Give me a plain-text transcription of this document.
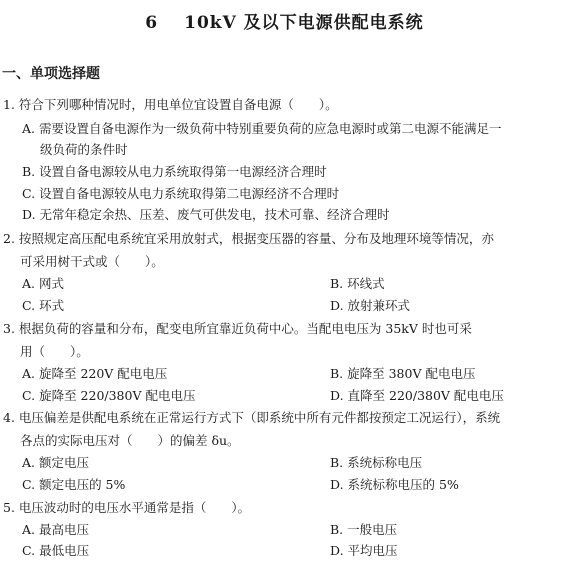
6 10kV 及以下电源供配电系统
一、单项选择题
1. 符合下列哪种情况时，用电单位宜设置自备电源（　　）。
A. 需要设置自备电源作为一级负荷中特别重要负荷的应急电源时或第二电源不能满足一
级负荷的条件时
B. 设置自备电源较从电力系统取得第一电源经济合理时
C. 设置自备电源较从电力系统取得第二电源经济不合理时
D. 无常年稳定余热、压差、废气可供发电，技术可靠、经济合理时
2. 按照规定高压配电系统宜采用放射式，根据变压器的容量、分布及地理环境等情况，亦
可采用树干式或（　　）。
A. 网式	B. 环线式
C. 环式	D. 放射兼环式
3. 根据负荷的容量和分布，配变电所宜靠近负荷中心。当配电电压为 35kV 时也可采
用（　　）。
A. 旋降至 220V 配电电压	B. 旋降至 380V 配电电压
C. 旋降至 220/380V 配电电压	D. 直降至 220/380V 配电电压
4. 电压偏差是供配电系统在正常运行方式下（即系统中所有元件都按预定工况运行），系统
各点的实际电压对（　　）的偏差 δu。
A. 额定电压	B. 系统标称电压
C. 额定电压的 5%	D. 系统标称电压的 5%
5. 电压波动时的电压水平通常是指（　　）。
A. 最高电压	B. 一般电压
C. 最低电压	D. 平均电压
